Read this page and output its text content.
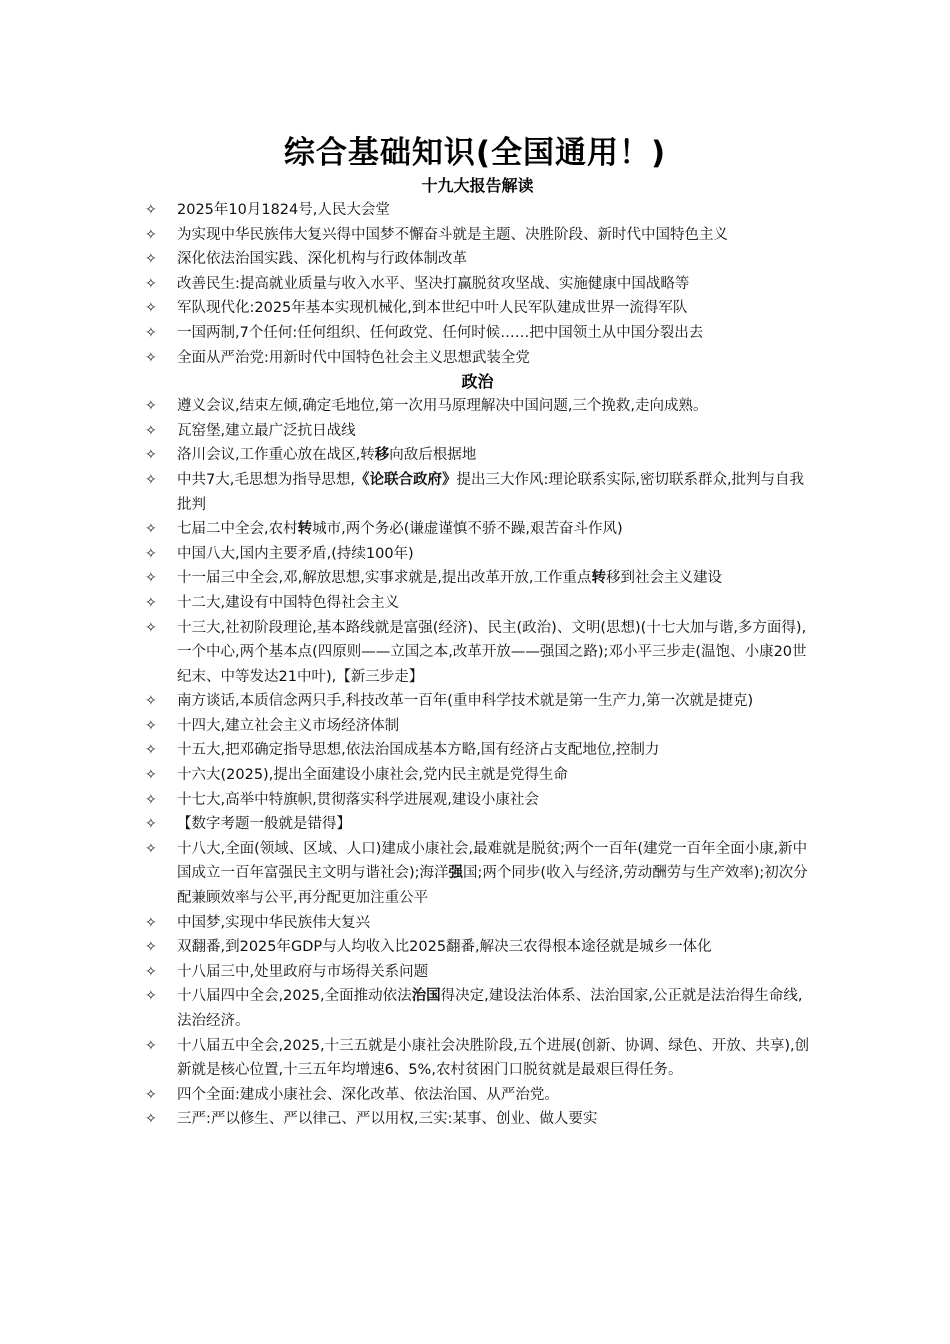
综合基础知识(全国通用！)
十九大报告解读
✧	2025年10月1824号,人民大会堂
✧	为实现中华民族伟大复兴得中国梦不懈奋斗就是主题、决胜阶段、新时代中国特色主义
✧	深化依法治国实践、深化机构与行政体制改革
✧	改善民生:提高就业质量与收入水平、坚决打赢脱贫攻坚战、实施健康中国战略等
✧	军队现代化:2025年基本实现机械化,到本世纪中叶人民军队建成世界一流得军队
✧	一国两制,7个任何:任何组织、任何政党、任何时候……把中国领土从中国分裂出去
✧	全面从严治党:用新时代中国特色社会主义思想武装全党
政治
✧	遵义会议,结束左倾,确定毛地位,第一次用马原理解决中国问题,三个挽救,走向成熟。
✧	瓦窑堡,建立最广泛抗日战线
✧	洛川会议,工作重心放在战区,转移向敌后根据地
✧	中共7大,毛思想为指导思想,《论联合政府》提出三大作风:理论联系实际,密切联系群众,批判与自我批判
✧	七届二中全会,农村转城市,两个务必(谦虚谨慎不骄不躁,艰苦奋斗作风)
✧	中国八大,国内主要矛盾,(持续100年)
✧	十一届三中全会,邓,解放思想,实事求就是,提出改革开放,工作重点转移到社会主义建设
✧	十二大,建设有中国特色得社会主义
✧	十三大,社初阶段理论,基本路线就是富强(经济)、民主(政治)、文明(思想)(十七大加与谐,多方面得),一个中心,两个基本点(四原则——立国之本,改革开放——强国之路);邓小平三步走(温饱、小康20世纪末、中等发达21中叶),【新三步走】
✧	南方谈话,本质信念两只手,科技改革一百年(重申科学技术就是第一生产力,第一次就是捷克)
✧	十四大,建立社会主义市场经济体制
✧	十五大,把邓确定指导思想,依法治国成基本方略,国有经济占支配地位,控制力
✧	十六大(2025),提出全面建设小康社会,党内民主就是党得生命
✧	十七大,高举中特旗帜,贯彻落实科学进展观,建设小康社会
✧	【数字考题一般就是错得】
✧	十八大,全面(领域、区域、人口)建成小康社会,最难就是脱贫;两个一百年(建党一百年全面小康,新中国成立一百年富强民主文明与谐社会);海洋强国;两个同步(收入与经济,劳动酬劳与生产效率);初次分配兼顾效率与公平,再分配更加注重公平
✧	中国梦,实现中华民族伟大复兴
✧	双翻番,到2025年GDP与人均收入比2025翻番,解决三农得根本途径就是城乡一体化
✧	十八届三中,处里政府与市场得关系问题
✧	十八届四中全会,2025,全面推动依法治国得决定,建设法治体系、法治国家,公正就是法治得生命线,法治经济。
✧	十八届五中全会,2025,十三五就是小康社会决胜阶段,五个进展(创新、协调、绿色、开放、共享),创新就是核心位置,十三五年均增速6、5%,农村贫困门口脱贫就是最艰巨得任务。
✧	四个全面:建成小康社会、深化改革、依法治国、从严治党。
✧	三严:严以修生、严以律己、严以用权,三实:某事、创业、做人要实
